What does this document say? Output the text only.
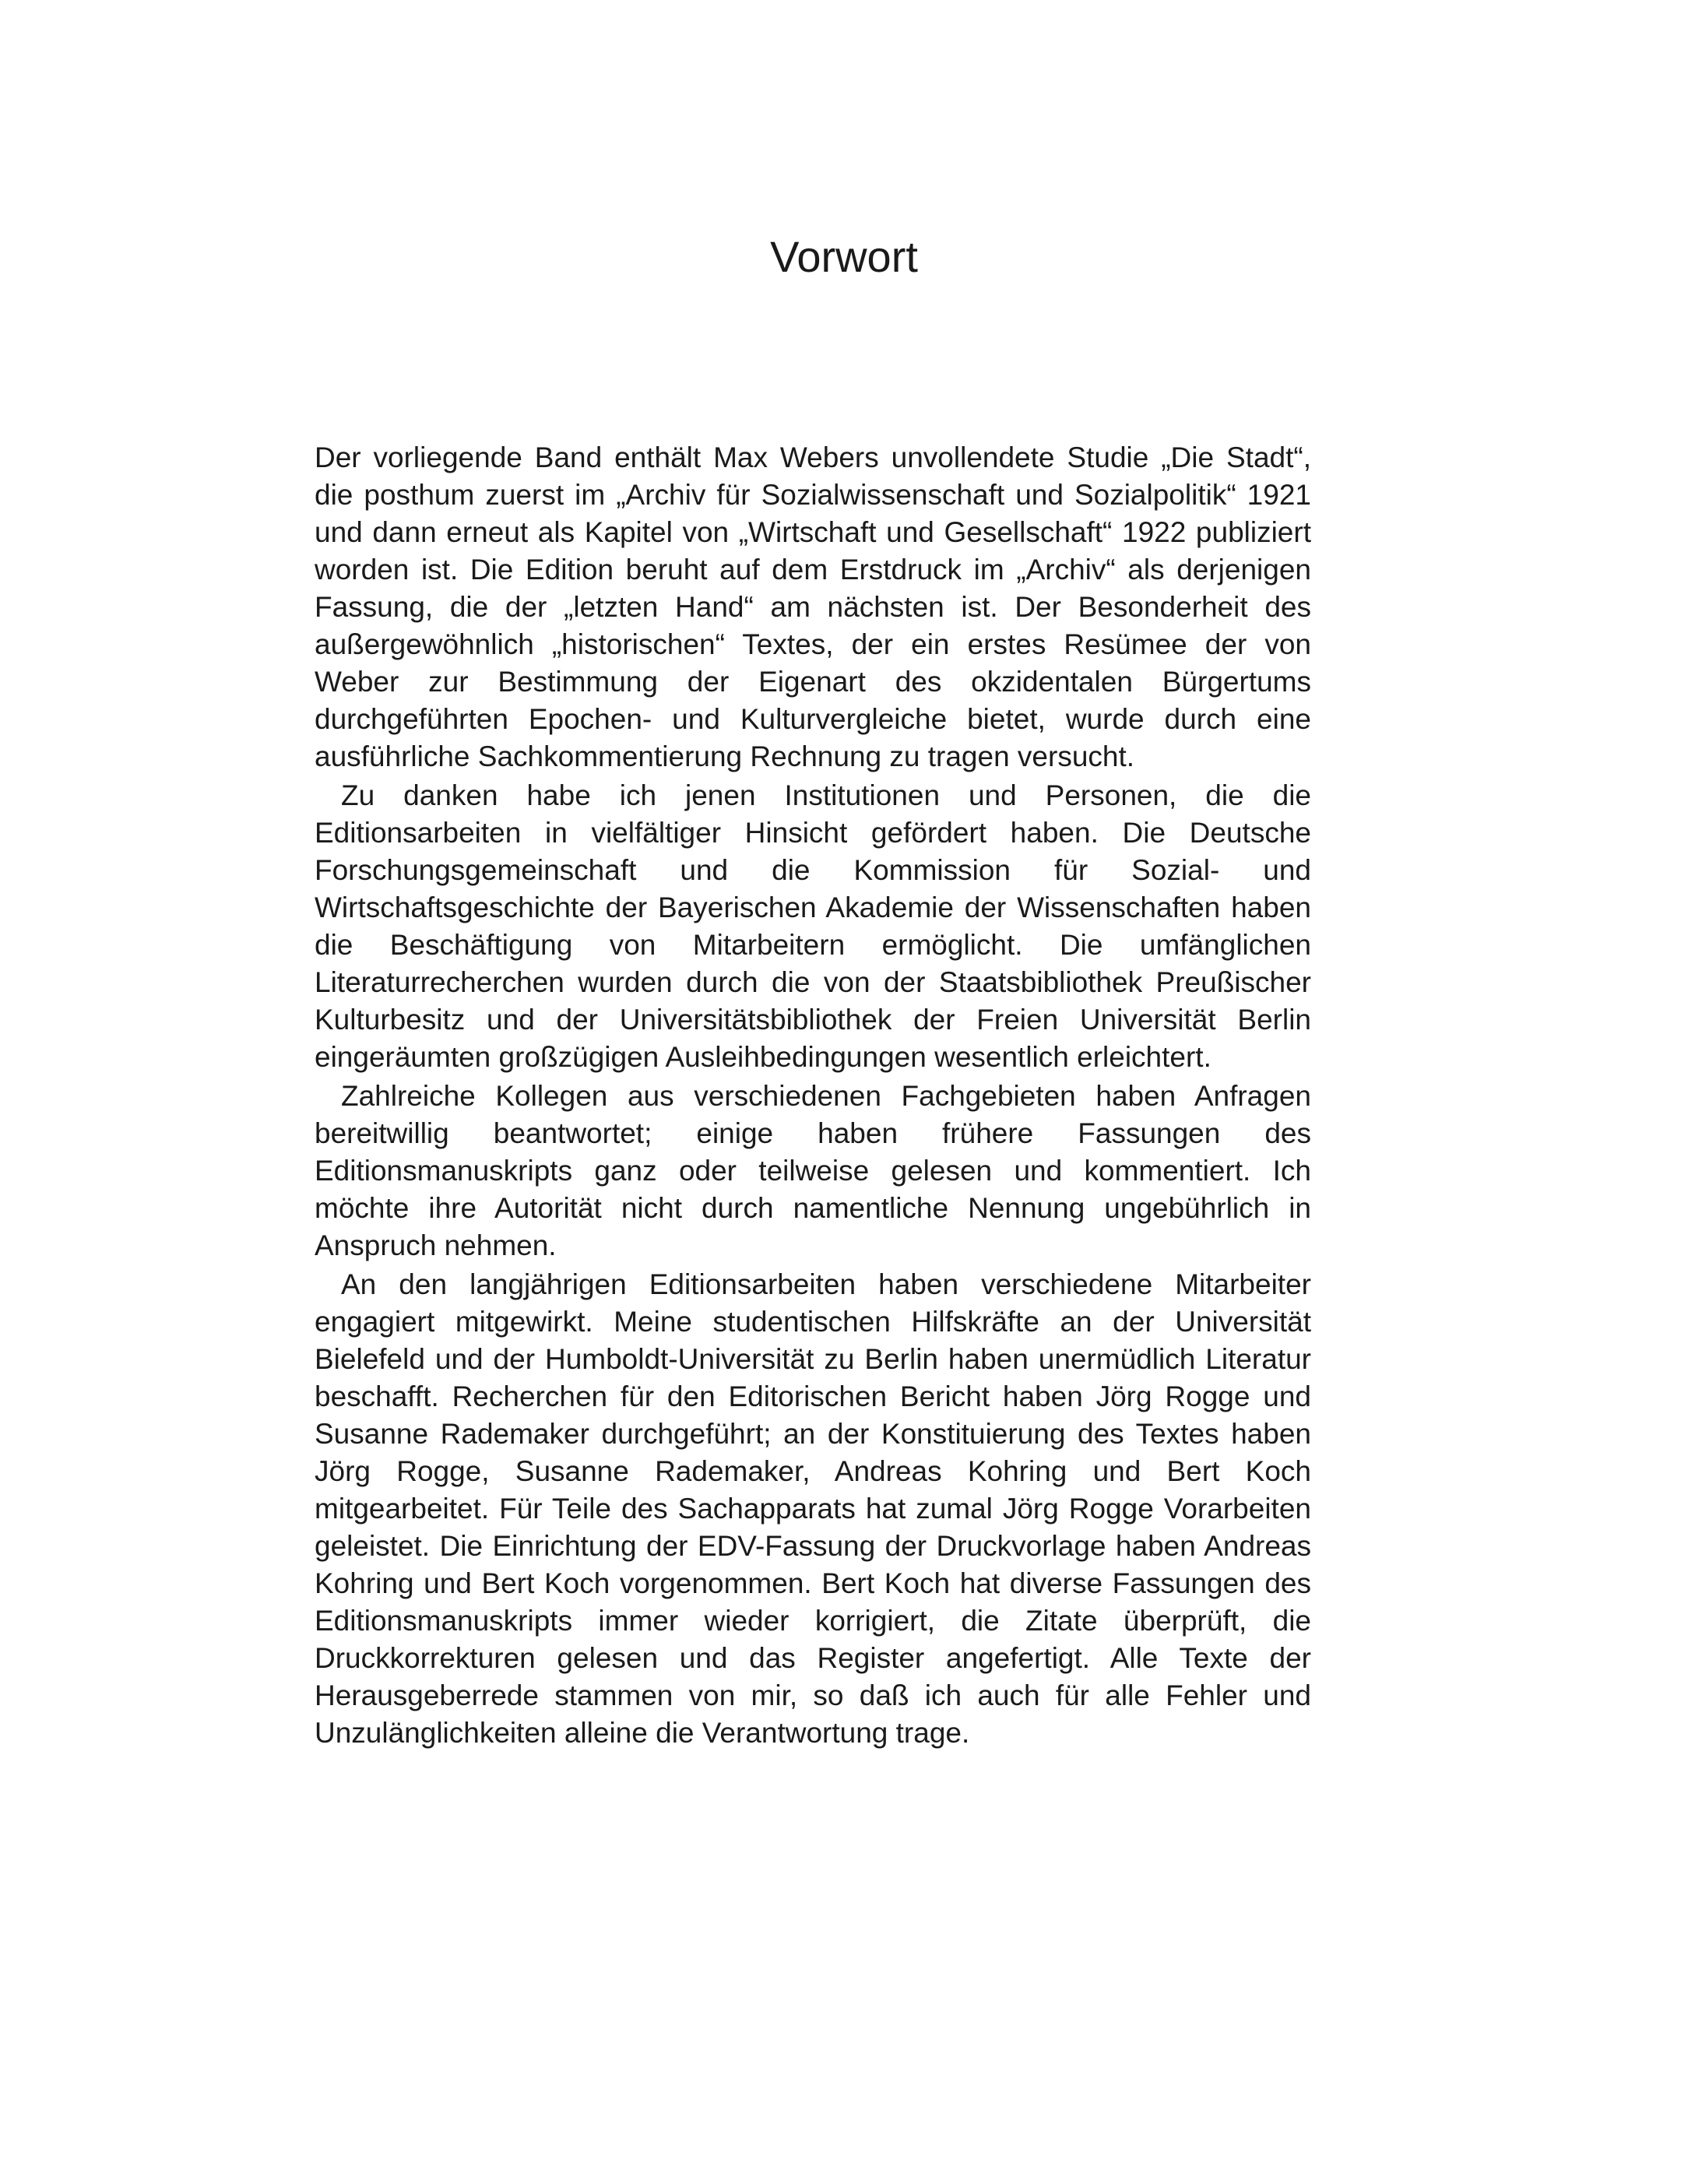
Vorwort

Der vorliegende Band enthält Max Webers unvollendete Studie „Die Stadt“, die posthum zuerst im „Archiv für Sozialwissenschaft und Sozialpolitik“ 1921 und dann erneut als Kapitel von „Wirtschaft und Gesellschaft“ 1922 publiziert worden ist. Die Edition beruht auf dem Erstdruck im „Archiv“ als derjenigen Fassung, die der „letzten Hand“ am nächsten ist. Der Besonderheit des außergewöhnlich „historischen“ Textes, der ein erstes Resümee der von Weber zur Bestimmung der Eigenart des okzidentalen Bürgertums durchgeführten Epochen- und Kulturvergleiche bietet, wurde durch eine ausführliche Sachkommentierung Rechnung zu tragen versucht.

Zu danken habe ich jenen Institutionen und Personen, die die Editionsarbeiten in vielfältiger Hinsicht gefördert haben. Die Deutsche Forschungsgemeinschaft und die Kommission für Sozial- und Wirtschaftsgeschichte der Bayerischen Akademie der Wissenschaften haben die Beschäftigung von Mitarbeitern ermöglicht. Die umfänglichen Literaturrecherchen wurden durch die von der Staatsbibliothek Preußischer Kulturbesitz und der Universitätsbibliothek der Freien Universität Berlin eingeräumten großzügigen Ausleihbedingungen wesentlich erleichtert.

Zahlreiche Kollegen aus verschiedenen Fachgebieten haben Anfragen bereitwillig beantwortet; einige haben frühere Fassungen des Editionsmanuskripts ganz oder teilweise gelesen und kommentiert. Ich möchte ihre Autorität nicht durch namentliche Nennung ungebührlich in Anspruch nehmen.

An den langjährigen Editionsarbeiten haben verschiedene Mitarbeiter engagiert mitgewirkt. Meine studentischen Hilfskräfte an der Universität Bielefeld und der Humboldt-Universität zu Berlin haben unermüdlich Literatur beschafft. Recherchen für den Editorischen Bericht haben Jörg Rogge und Susanne Rademaker durchgeführt; an der Konstituierung des Textes haben Jörg Rogge, Susanne Rademaker, Andreas Kohring und Bert Koch mitgearbeitet. Für Teile des Sachapparats hat zumal Jörg Rogge Vorarbeiten geleistet. Die Einrichtung der EDV-Fassung der Druckvorlage haben Andreas Kohring und Bert Koch vorgenommen. Bert Koch hat diverse Fassungen des Editionsmanuskripts immer wieder korrigiert, die Zitate überprüft, die Druckkorrekturen gelesen und das Register angefertigt. Alle Texte der Herausgeberrede stammen von mir, so daß ich auch für alle Fehler und Unzulänglichkeiten alleine die Verantwortung trage.
